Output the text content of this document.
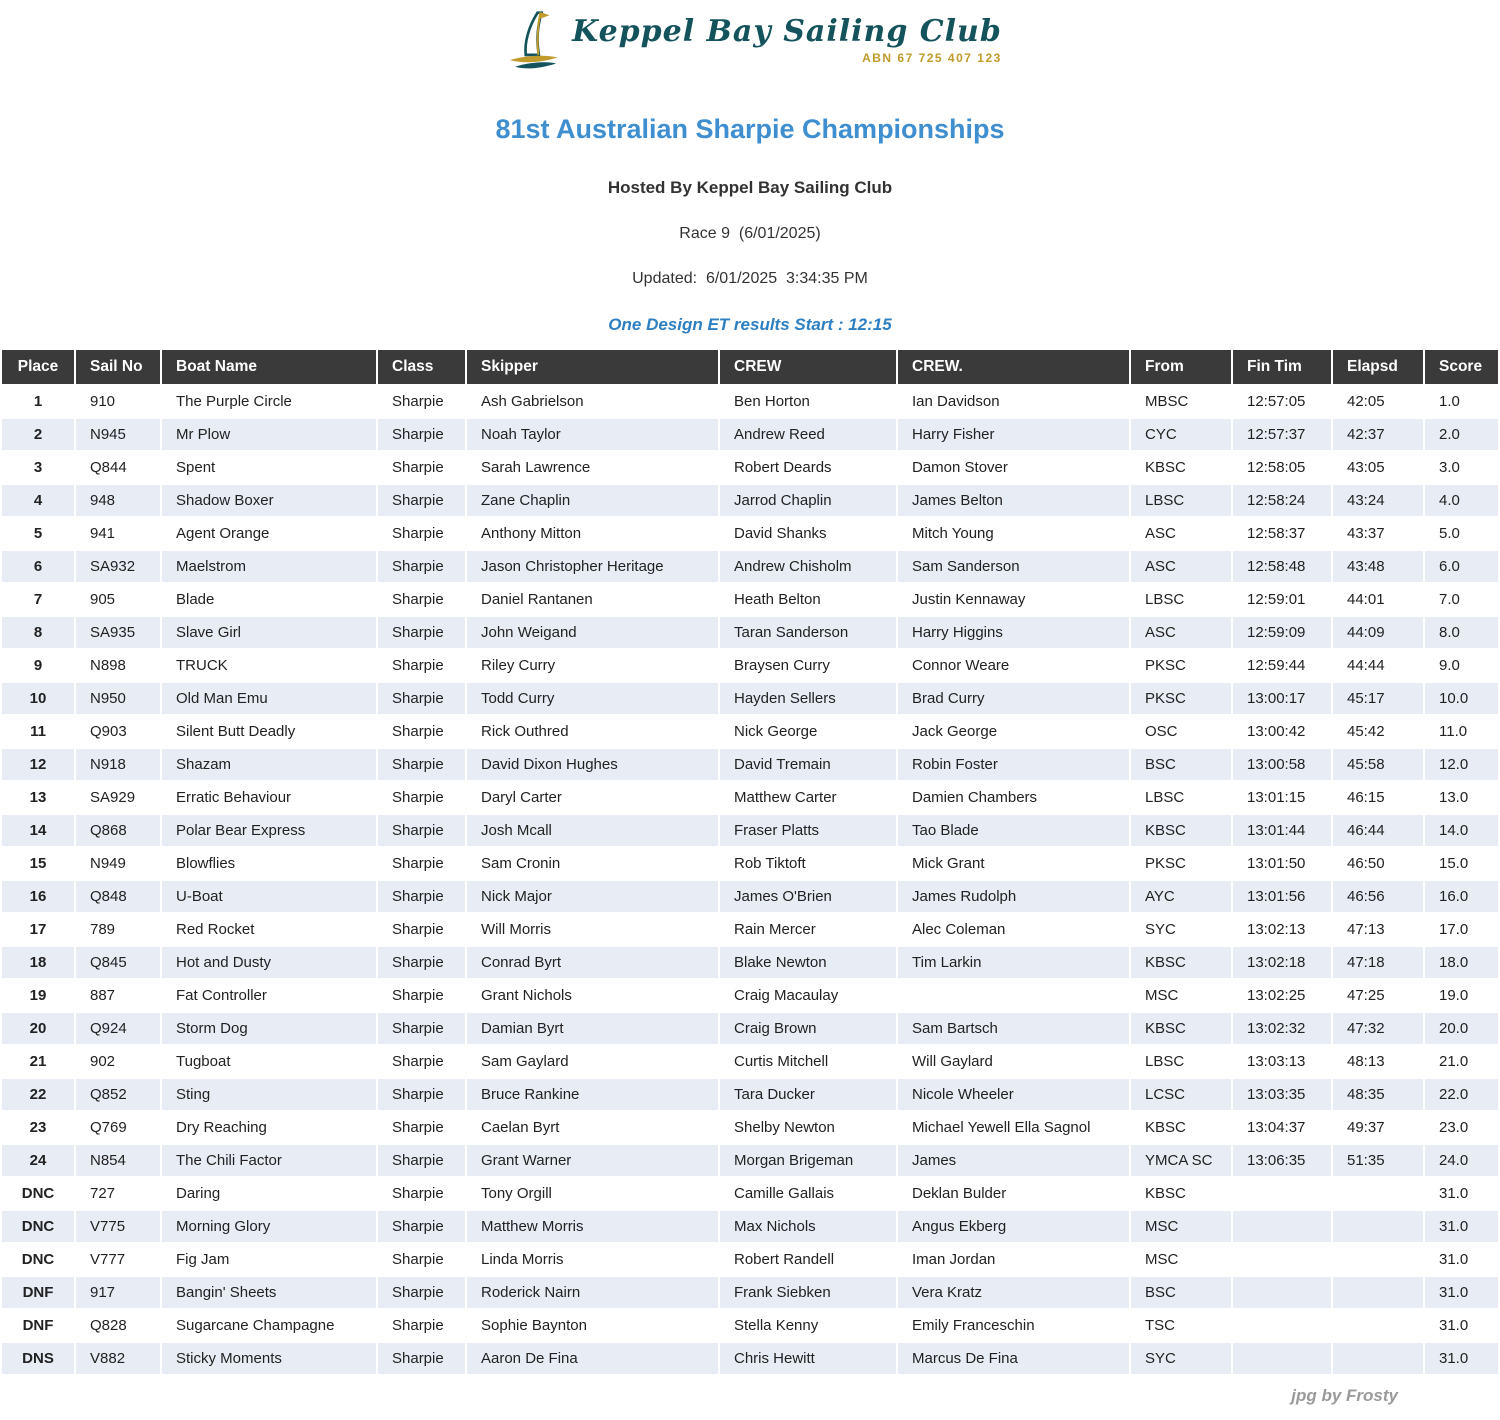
Keppel Bay Sailing Club
ABN 67 725 407 123
81st Australian Sharpie Championships
Hosted By Keppel Bay Sailing Club
Race 9  (6/01/2025)
Updated:  6/01/2025  3:34:35 PM
One Design ET results Start : 12:15
Place	Sail No	Boat Name	Class	Skipper	CREW	CREW.	From	Fin Tim	Elapsd	Score	
1	910	The Purple Circle	Sharpie	Ash Gabrielson	Ben Horton	Ian Davidson	MBSC	12:57:05	42:05	1.0	
2	N945	Mr Plow	Sharpie	Noah Taylor	Andrew Reed	Harry Fisher	CYC	12:57:37	42:37	2.0	
3	Q844	Spent	Sharpie	Sarah Lawrence	Robert Deards	Damon Stover	KBSC	12:58:05	43:05	3.0	
4	948	Shadow Boxer	Sharpie	Zane Chaplin	Jarrod Chaplin	James Belton	LBSC	12:58:24	43:24	4.0	
5	941	Agent Orange	Sharpie	Anthony Mitton	David Shanks	Mitch Young	ASC	12:58:37	43:37	5.0	
6	SA932	Maelstrom	Sharpie	Jason Christopher Heritage	Andrew Chisholm	Sam Sanderson	ASC	12:58:48	43:48	6.0	
7	905	Blade	Sharpie	Daniel Rantanen	Heath Belton	Justin Kennaway	LBSC	12:59:01	44:01	7.0	
8	SA935	Slave Girl	Sharpie	John Weigand	Taran Sanderson	Harry Higgins	ASC	12:59:09	44:09	8.0	
9	N898	TRUCK	Sharpie	Riley Curry	Braysen Curry	Connor Weare	PKSC	12:59:44	44:44	9.0	
10	N950	Old Man Emu	Sharpie	Todd Curry	Hayden Sellers	Brad Curry	PKSC	13:00:17	45:17	10.0	
11	Q903	Silent Butt Deadly	Sharpie	Rick Outhred	Nick George	Jack George	OSC	13:00:42	45:42	11.0	
12	N918	Shazam	Sharpie	David Dixon Hughes	David Tremain	Robin Foster	BSC	13:00:58	45:58	12.0	
13	SA929	Erratic Behaviour	Sharpie	Daryl Carter	Matthew Carter	Damien Chambers	LBSC	13:01:15	46:15	13.0	
14	Q868	Polar Bear Express	Sharpie	Josh Mcall	Fraser Platts	Tao Blade	KBSC	13:01:44	46:44	14.0	
15	N949	Blowflies	Sharpie	Sam Cronin	Rob Tiktoft	Mick Grant	PKSC	13:01:50	46:50	15.0	
16	Q848	U-Boat	Sharpie	Nick Major	James O'Brien	James Rudolph	AYC	13:01:56	46:56	16.0	
17	789	Red Rocket	Sharpie	Will Morris	Rain Mercer	Alec Coleman	SYC	13:02:13	47:13	17.0	
18	Q845	Hot and Dusty	Sharpie	Conrad Byrt	Blake Newton	Tim Larkin	KBSC	13:02:18	47:18	18.0	
19	887	Fat Controller	Sharpie	Grant Nichols	Craig Macaulay		MSC	13:02:25	47:25	19.0	
20	Q924	Storm Dog	Sharpie	Damian Byrt	Craig Brown	Sam Bartsch	KBSC	13:02:32	47:32	20.0	
21	902	Tugboat	Sharpie	Sam Gaylard	Curtis Mitchell	Will Gaylard	LBSC	13:03:13	48:13	21.0	
22	Q852	Sting	Sharpie	Bruce Rankine	Tara Ducker	Nicole Wheeler	LCSC	13:03:35	48:35	22.0	
23	Q769	Dry Reaching	Sharpie	Caelan Byrt	Shelby Newton	Michael Yewell Ella Sagnol	KBSC	13:04:37	49:37	23.0	
24	N854	The Chili Factor	Sharpie	Grant Warner	Morgan Brigeman	James	YMCA SC	13:06:35	51:35	24.0	
DNC	727	Daring	Sharpie	Tony Orgill	Camille Gallais	Deklan Bulder	KBSC			31.0	
DNC	V775	Morning Glory	Sharpie	Matthew Morris	Max Nichols	Angus Ekberg	MSC			31.0	
DNC	V777	Fig Jam	Sharpie	Linda Morris	Robert Randell	Iman Jordan	MSC			31.0	
DNF	917	Bangin' Sheets	Sharpie	Roderick Nairn	Frank Siebken	Vera Kratz	BSC			31.0	
DNF	Q828	Sugarcane Champagne	Sharpie	Sophie Baynton	Stella Kenny	Emily Franceschin	TSC			31.0	
DNS	V882	Sticky Moments	Sharpie	Aaron De Fina	Chris Hewitt	Marcus De Fina	SYC			31.0	
jpg by Frosty
